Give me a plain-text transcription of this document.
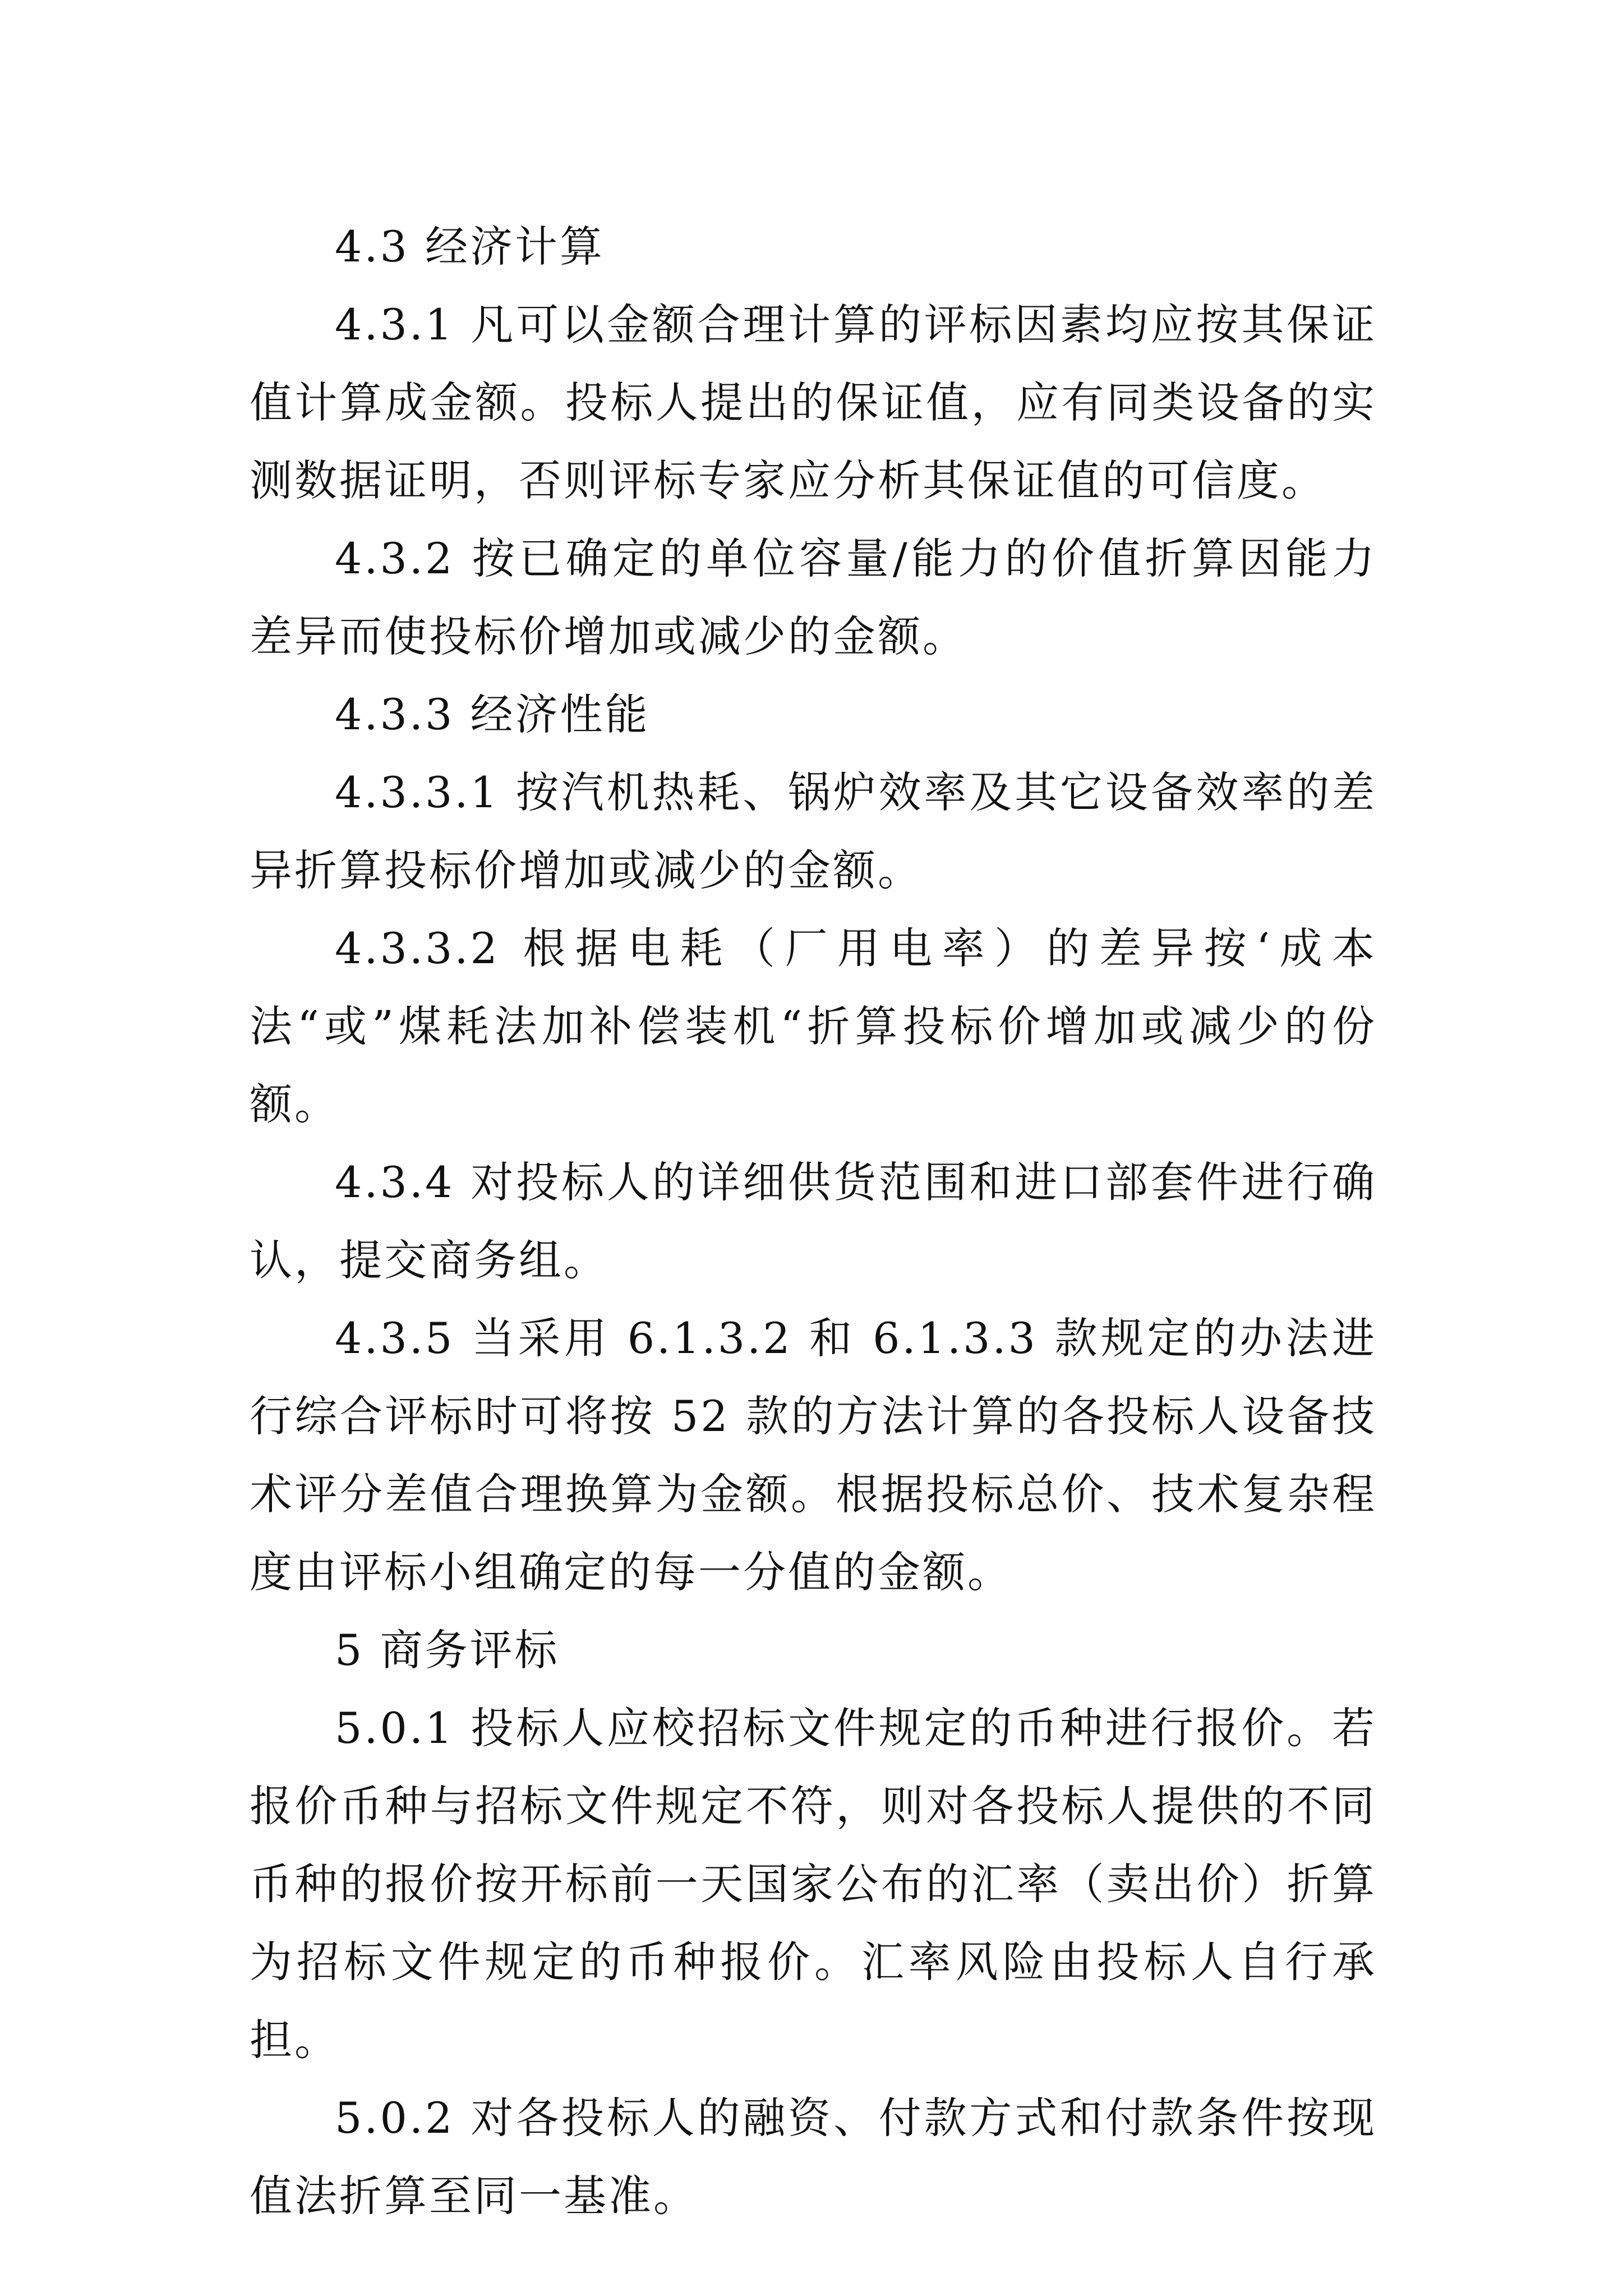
4.3 经济计算

4.3.1 凡可以金额合理计算的评标因素均应按其保证值计算成金额。投标人提出的保证值，应有同类设备的实测数据证明，否则评标专家应分析其保证值的可信度。

4.3.2 按已确定的单位容量/能力的价值折算因能力差异而使投标价增加或减少的金额。

4.3.3 经济性能

4.3.3.1 按汽机热耗、锅炉效率及其它设备效率的差异折算投标价增加或减少的金额。

4.3.3.2 根据电耗（厂用电率）的差异按‘成本法“或”煤耗法加补偿装机“折算投标价增加或减少的份额。

4.3.4 对投标人的详细供货范围和进口部套件进行确认，提交商务组。

4.3.5 当采用 6.1.3.2 和 6.1.3.3 款规定的办法进行综合评标时可将按 52 款的方法计算的各投标人设备技术评分差值合理换算为金额。根据投标总价、技术复杂程度由评标小组确定的每一分值的金额。

5 商务评标

5.0.1 投标人应校招标文件规定的币种进行报价。若报价币种与招标文件规定不符，则对各投标人提供的不同币种的报价按开标前一天国家公布的汇率（卖出价）折算为招标文件规定的币种报价。汇率风险由投标人自行承担。

5.0.2 对各投标人的融资、付款方式和付款条件按现值法折算至同一基准。
